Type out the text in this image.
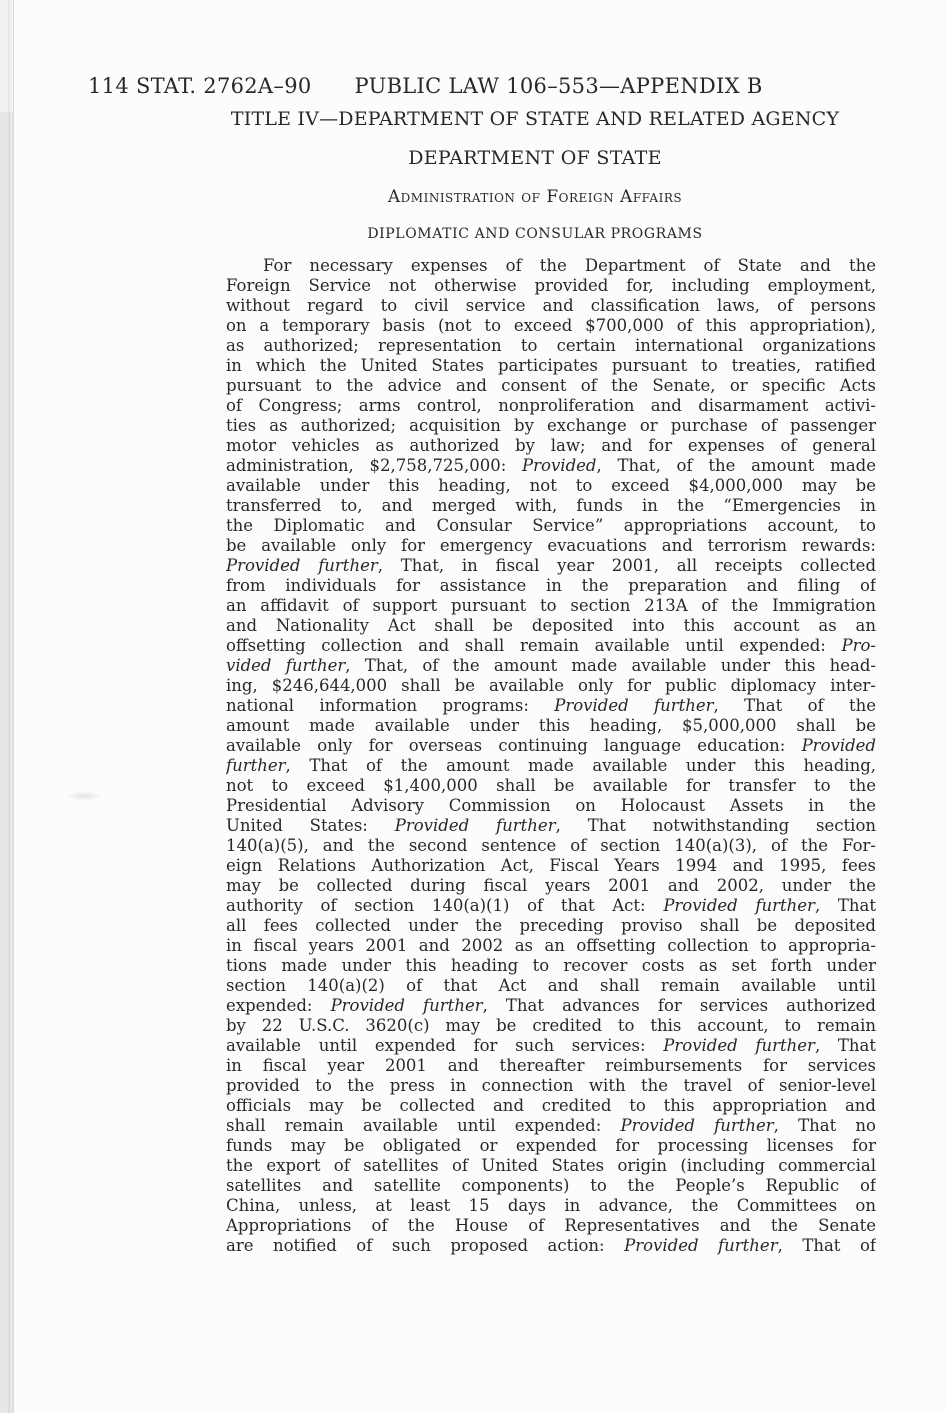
114 STAT. 2762A–90 PUBLIC LAW 106–553—APPENDIX B
TITLE IV—DEPARTMENT OF STATE AND RELATED AGENCY
DEPARTMENT OF STATE
Administration of Foreign Affairs
DIPLOMATIC AND CONSULAR PROGRAMS
For necessary expenses of the Department of State and the
Foreign Service not otherwise provided for, including employment,
without regard to civil service and classification laws, of persons
on a temporary basis (not to exceed $700,000 of this appropriation),
as authorized; representation to certain international organizations
in which the United States participates pursuant to treaties, ratified
pursuant to the advice and consent of the Senate, or specific Acts
of Congress; arms control, nonproliferation and disarmament activi-
ties as authorized; acquisition by exchange or purchase of passenger
motor vehicles as authorized by law; and for expenses of general
administration, $2,758,725,000: Provided, That, of the amount made
available under this heading, not to exceed $4,000,000 may be
transferred to, and merged with, funds in the “Emergencies in
the Diplomatic and Consular Service” appropriations account, to
be available only for emergency evacuations and terrorism rewards:
Provided further, That, in fiscal year 2001, all receipts collected
from individuals for assistance in the preparation and filing of
an affidavit of support pursuant to section 213A of the Immigration
and Nationality Act shall be deposited into this account as an
offsetting collection and shall remain available until expended: Pro-
vided further, That, of the amount made available under this head-
ing, $246,644,000 shall be available only for public diplomacy inter-
national information programs: Provided further, That of the
amount made available under this heading, $5,000,000 shall be
available only for overseas continuing language education: Provided
further, That of the amount made available under this heading,
not to exceed $1,400,000 shall be available for transfer to the
Presidential Advisory Commission on Holocaust Assets in the
United States: Provided further, That notwithstanding section
140(a)(5), and the second sentence of section 140(a)(3), of the For-
eign Relations Authorization Act, Fiscal Years 1994 and 1995, fees
may be collected during fiscal years 2001 and 2002, under the
authority of section 140(a)(1) of that Act: Provided further, That
all fees collected under the preceding proviso shall be deposited
in fiscal years 2001 and 2002 as an offsetting collection to appropria-
tions made under this heading to recover costs as set forth under
section 140(a)(2) of that Act and shall remain available until
expended: Provided further, That advances for services authorized
by 22 U.S.C. 3620(c) may be credited to this account, to remain
available until expended for such services: Provided further, That
in fiscal year 2001 and thereafter reimbursements for services
provided to the press in connection with the travel of senior-level
officials may be collected and credited to this appropriation and
shall remain available until expended: Provided further, That no
funds may be obligated or expended for processing licenses for
the export of satellites of United States origin (including commercial
satellites and satellite components) to the People’s Republic of
China, unless, at least 15 days in advance, the Committees on
Appropriations of the House of Representatives and the Senate
are notified of such proposed action: Provided further, That of
